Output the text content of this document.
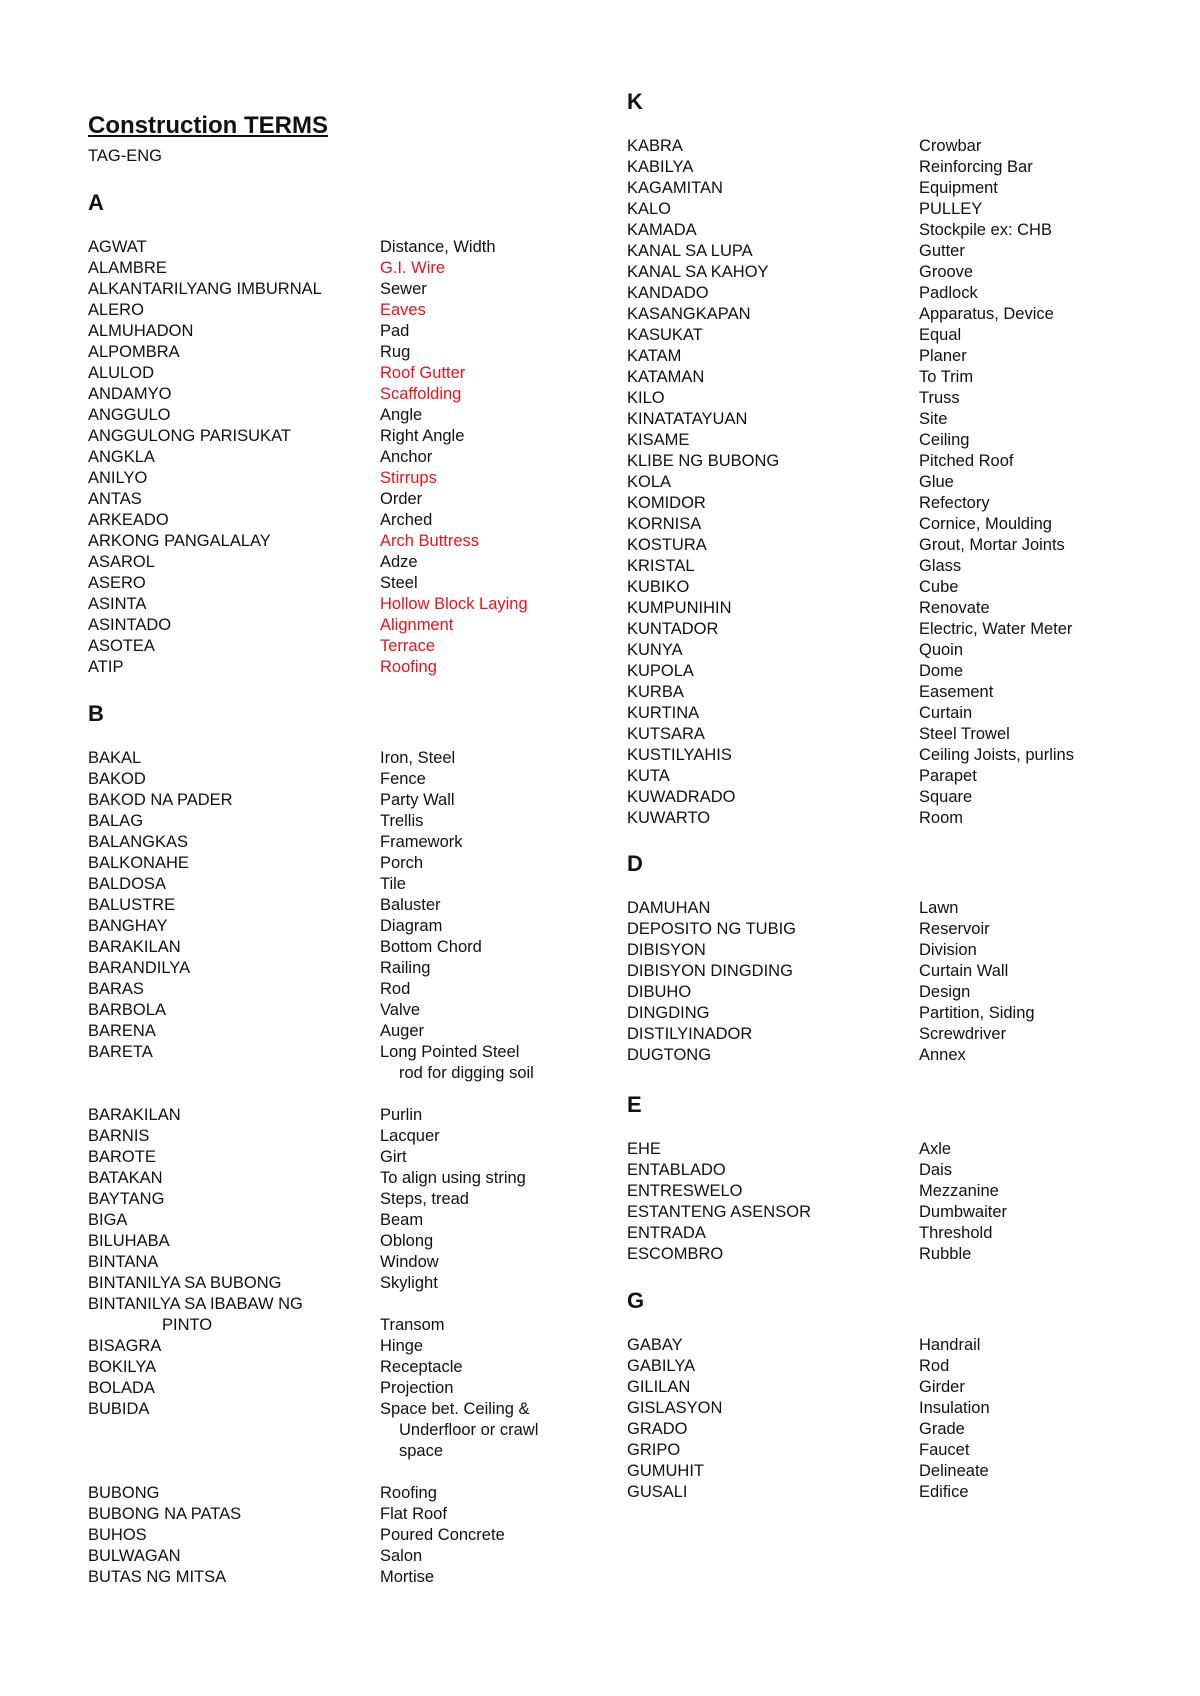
Construction TERMS
TAG-ENG
A
AGWAT	Distance, Width
ALAMBRE	G.I. Wire
ALKANTARILYANG IMBURNAL	Sewer
ALERO	Eaves
ALMUHADON	Pad
ALPOMBRA	Rug
ALULOD	Roof Gutter
ANDAMYO	Scaffolding
ANGGULO	Angle
ANGGULONG PARISUKAT	Right Angle
ANGKLA	Anchor
ANILYO	Stirrups
ANTAS	Order
ARKEADO	Arched
ARKONG PANGALALAY	Arch Buttress
ASAROL	Adze
ASERO	Steel
ASINTA	Hollow Block Laying
ASINTADO	Alignment
ASOTEA	Terrace
ATIP	Roofing
B
BAKAL	Iron, Steel
BAKOD	Fence
BAKOD NA PADER	Party Wall
BALAG	Trellis
BALANGKAS	Framework
BALKONAHE	Porch
BALDOSA	Tile
BALUSTRE	Baluster
BANGHAY	Diagram
BARAKILAN	Bottom Chord
BARANDILYA	Railing
BARAS	Rod
BARBOLA	Valve
BARENA	Auger
BARETA	Long Pointed Steel
rod for digging soil
BARAKILAN	Purlin
BARNIS	Lacquer
BAROTE	Girt
BATAKAN	To align using string
BAYTANG	Steps, tread
BIGA	Beam
BILUHABA	Oblong
BINTANA	Window
BINTANILYA SA BUBONG	Skylight
BINTANILYA SA IBABAW NG
PINTO
	Transom
BISAGRA	Hinge
BOKILYA	Receptacle
BOLADA	Projection
BUBIDA	Space bet. Ceiling &
Underfloor or crawl
space
BUBONG	Roofing
BUBONG NA PATAS	Flat Roof
BUHOS	Poured Concrete
BULWAGAN	Salon
BUTAS NG MITSA	Mortise
K
KABRA	Crowbar
KABILYA	Reinforcing Bar
KAGAMITAN	Equipment
KALO	PULLEY
KAMADA	Stockpile ex: CHB
KANAL SA LUPA	Gutter
KANAL SA KAHOY	Groove
KANDADO	Padlock
KASANGKAPAN	Apparatus, Device
KASUKAT	Equal
KATAM	Planer
KATAMAN	To Trim
KILO	Truss
KINATATAYUAN	Site
KISAME	Ceiling
KLIBE NG BUBONG	Pitched Roof
KOLA	Glue
KOMIDOR	Refectory
KORNISA	Cornice, Moulding
KOSTURA	Grout, Mortar Joints
KRISTAL	Glass
KUBIKO	Cube
KUMPUNIHIN	Renovate
KUNTADOR	Electric, Water Meter
KUNYA	Quoin
KUPOLA	Dome
KURBA	Easement
KURTINA	Curtain
KUTSARA	Steel Trowel
KUSTILYAHIS	Ceiling Joists, purlins
KUTA	Parapet
KUWADRADO	Square
KUWARTO	Room
D
DAMUHAN	Lawn
DEPOSITO NG TUBIG	Reservoir
DIBISYON	Division
DIBISYON DINGDING	Curtain Wall
DIBUHO	Design
DINGDING	Partition, Siding
DISTILYINADOR	Screwdriver
DUGTONG	Annex
E
EHE	Axle
ENTABLADO	Dais
ENTRESWELO	Mezzanine
ESTANTENG ASENSOR	Dumbwaiter
ENTRADA	Threshold
ESCOMBRO	Rubble
G
GABAY	Handrail
GABILYA	Rod
GILILAN	Girder
GISLASYON	Insulation
GRADO	Grade
GRIPO	Faucet
GUMUHIT	Delineate
GUSALI	Edifice
